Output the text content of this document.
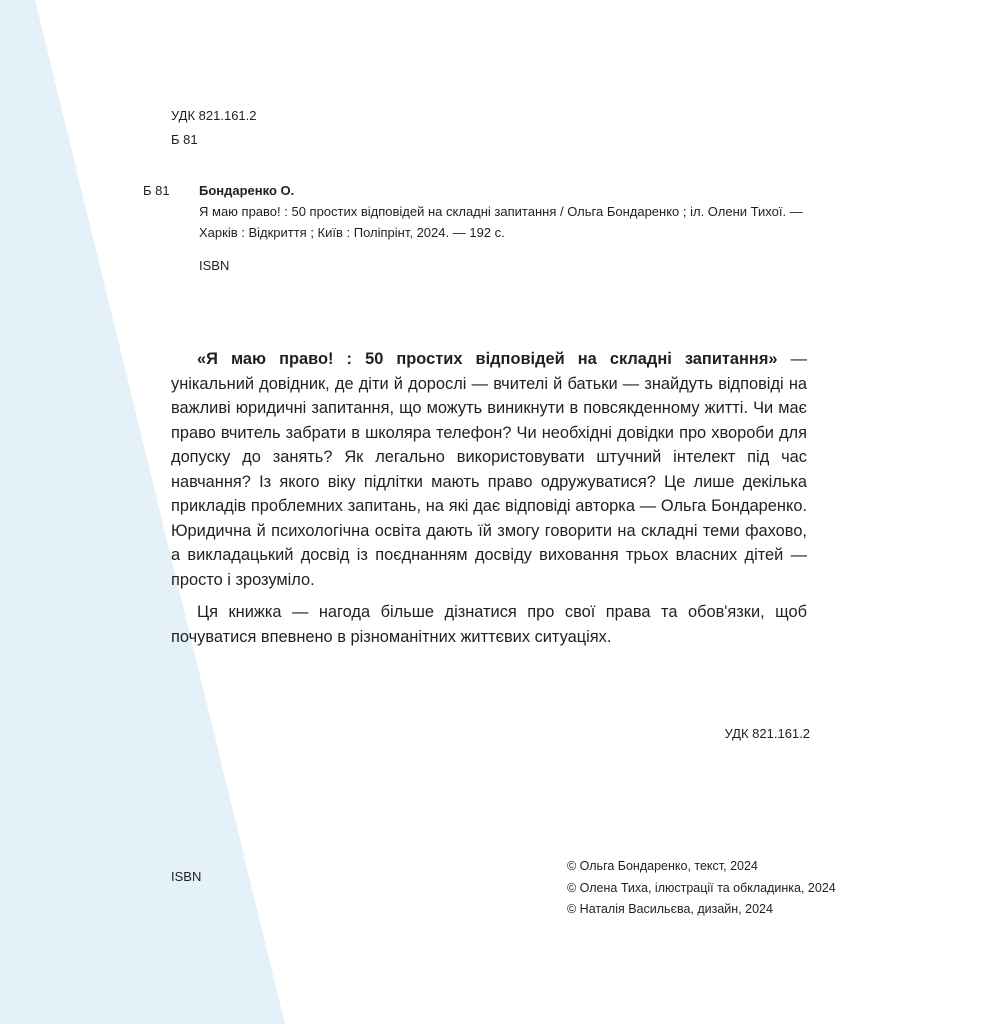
УДК 821.161.2
Б 81
Б 81 Бондаренко О.
Я маю право! : 50 простих відповідей на складні запитання / Ольга Бондаренко ; іл. Олени Тихої. —
Харків : Відкриття ; Київ : Поліпрінт, 2024. — 192 с.
ISBN

«Я маю право! : 50 простих відповідей на складні запитання» — унікальний довідник, де діти й дорослі — вчителі й батьки — знайдуть відповіді на важливі юридичні запитання, що можуть виникнути в повсякденному житті. Чи має право вчитель забрати в школяра телефон? Чи необхідні довідки про хвороби для допуску до занять? Як легально використовувати штучний інтелект під час навчання? Із якого віку підлітки мають право одружуватися? Це лише декілька прикладів проблемних запитань, на які дає відповіді авторка — Ольга Бондаренко. Юридична й психологічна освіта дають їй змогу говорити на складні теми фахово, а викладацький досвід із поєднанням досвіду виховання трьох власних дітей — просто і зрозуміло.

Ця книжка — нагода більше дізнатися про свої права та обов'язки, щоб почуватися впевнено в різноманітних життєвих ситуаціях.

УДК 821.161.2
ISBN
© Ольга Бондаренко, текст, 2024
© Олена Тиха, ілюстрації та обкладинка, 2024
© Наталія Васильєва, дизайн, 2024
